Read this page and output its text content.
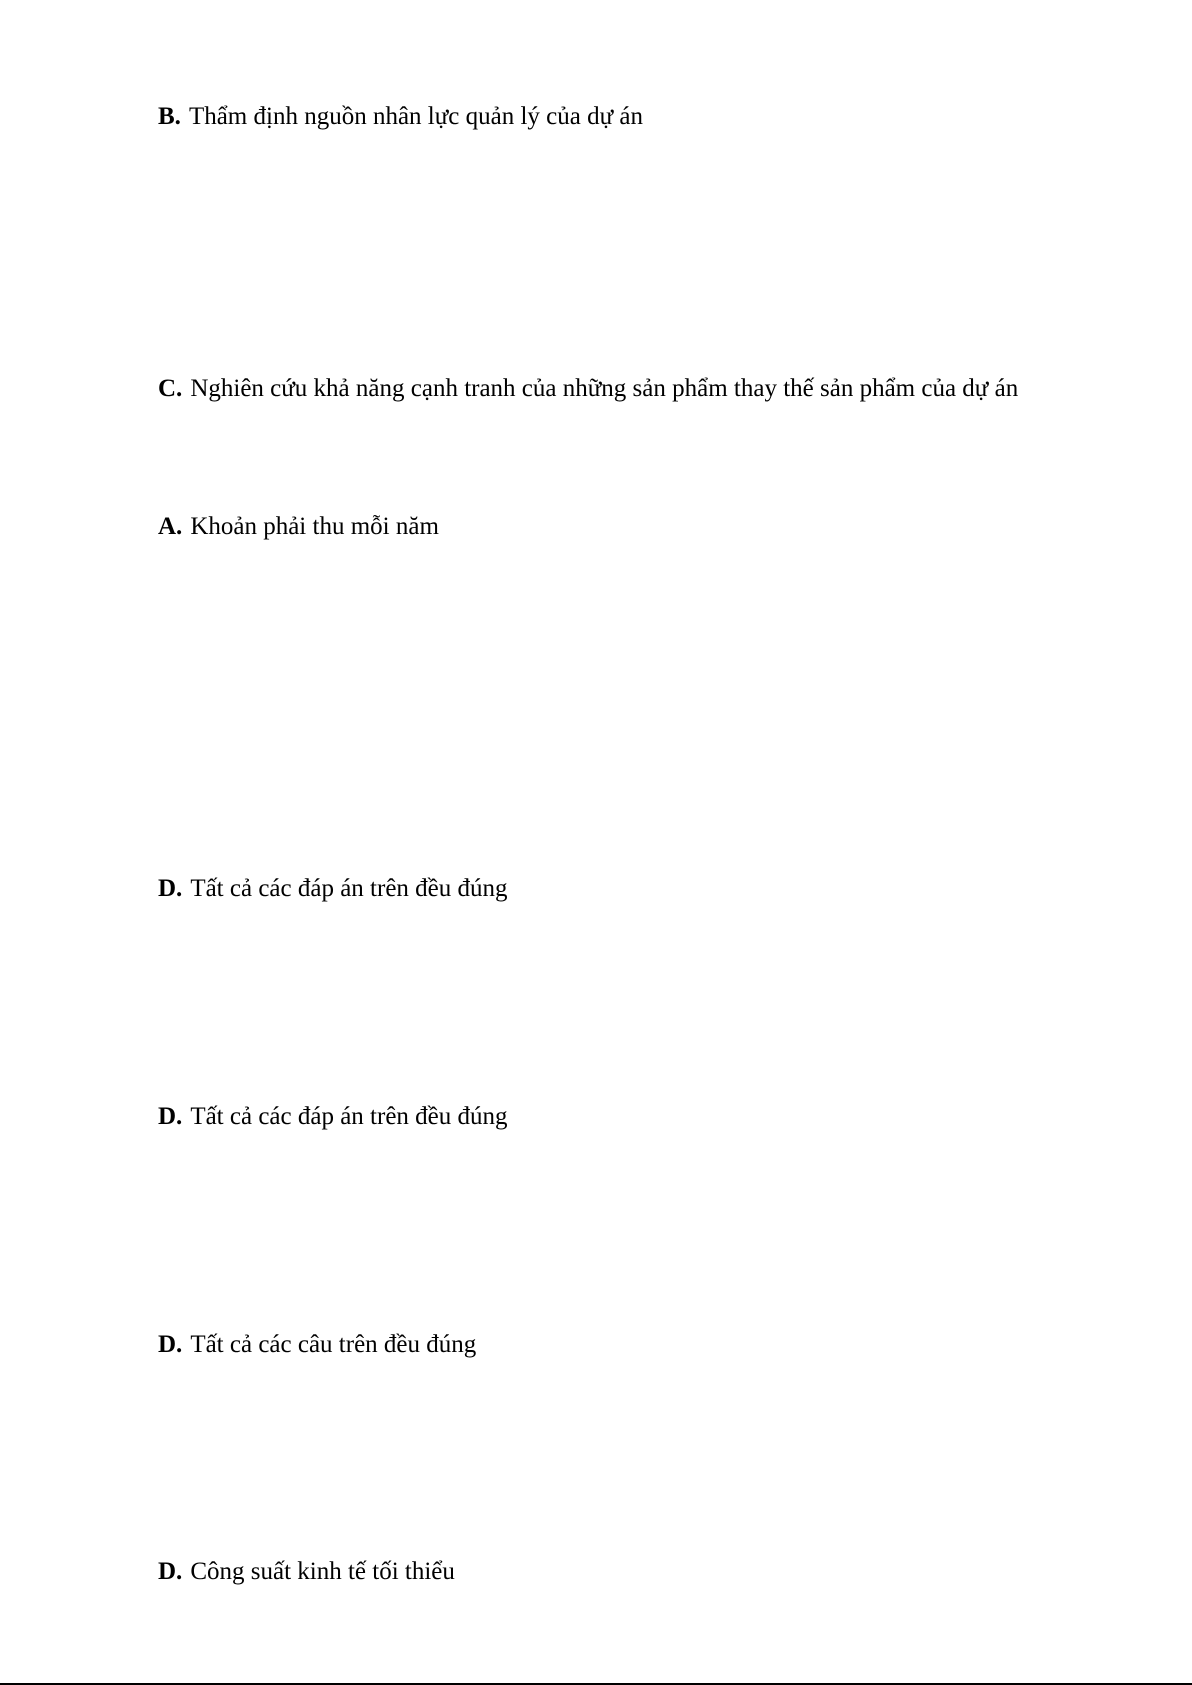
B. Thẩm định nguồn nhân lực quản lý của dự án
C. Nghiên cứu khả năng cạnh tranh của những sản phẩm thay thế sản phẩm của dự án
A. Khoản phải thu mỗi năm
D. Tất cả các đáp án trên đều đúng
D. Tất cả các đáp án trên đều đúng
D. Tất cả các câu trên đều đúng
D. Công suất kinh tế tối thiểu
